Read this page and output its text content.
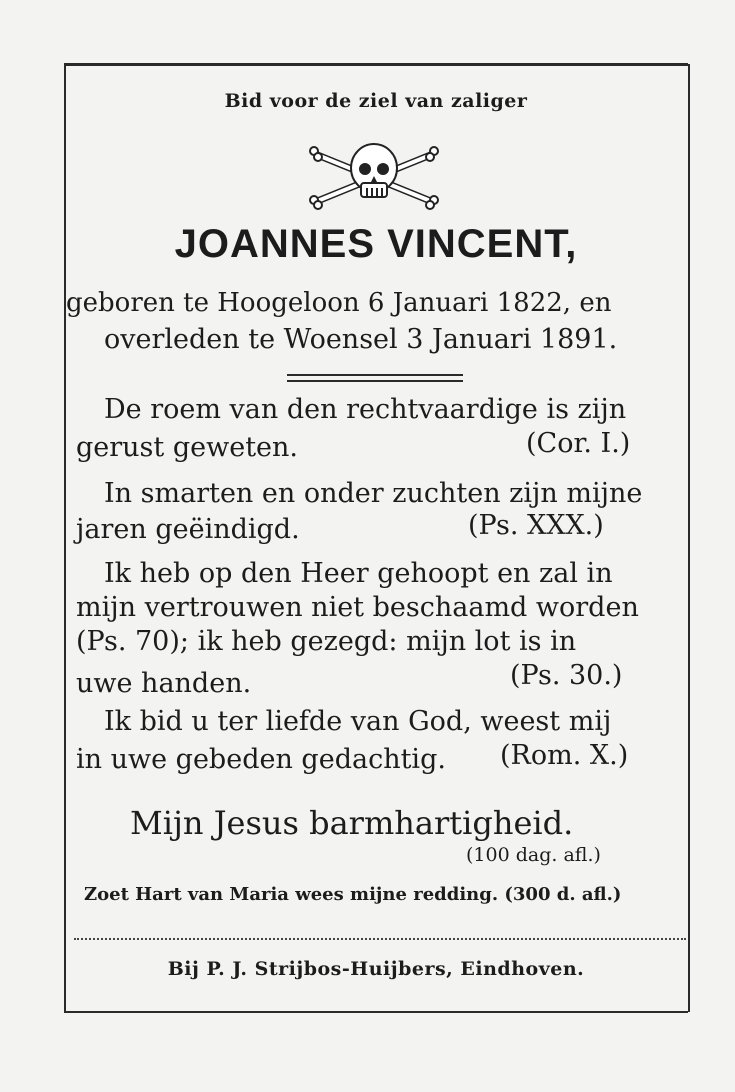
Bid voor de ziel van zaliger
JOANNES VINCENT,
geboren te Hoogeloon 6 Januari 1822, en
overleden te Woensel 3 Januari 1891.
De roem van den rechtvaardige is zijn
gerust geweten.	(Cor. I.)
In smarten en onder zuchten zijn mijne
jaren geëindigd.	(Ps. XXX.)
Ik heb op den Heer gehoopt en zal in
mijn vertrouwen niet beschaamd worden
(Ps. 70); ik heb gezegd: mijn lot is in
uwe handen.	(Ps. 30.)
Ik bid u ter liefde van God, weest mij
in uwe gebeden gedachtig. (Rom. X.)
Mijn Jesus barmhartigheid.
(100 dag. afl.)
Zoet Hart van Maria wees mijne redding. (300 d. afl.)
Bij P. J. Strijbos-Huijbers, Eindhoven.
